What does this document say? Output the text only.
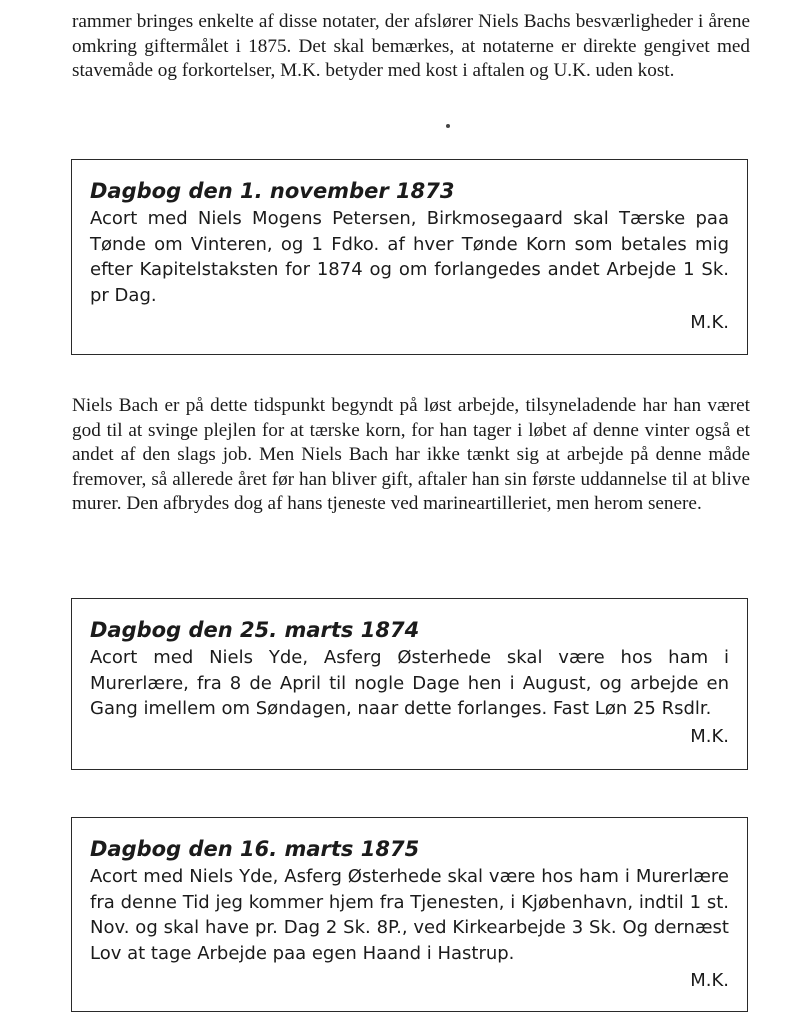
rammer bringes enkelte af disse notater, der afslører Niels Bachs besværligheder i årene omkring giftermålet i 1875. Det skal bemærkes, at notaterne er direkte gengivet med stavemåde og forkortelser, M.K. betyder med kost i aftalen og U.K. uden kost.

Dagbog den 1. november 1873

Acort med Niels Mogens Petersen, Birkmosegaard skal Tærske paa Tønde om Vinteren, og 1 Fdko. af hver Tønde Korn som betales mig efter Kapitelstaksten for 1874 og om forlangedes andet Arbejde 1 Sk. pr Dag.

M.K.

Niels Bach er på dette tidspunkt begyndt på løst arbejde, tilsyneladende har han været god til at svinge plejlen for at tærske korn, for han tager i løbet af denne vinter også et andet af den slags job. Men Niels Bach har ikke tænkt sig at arbejde på denne måde fremover, så allerede året før han bliver gift, aftaler han sin første uddannelse til at blive murer. Den afbrydes dog af hans tjeneste ved marineartilleriet, men herom senere.

Dagbog den 25. marts 1874

Acort med Niels Yde, Asferg Østerhede skal være hos ham i Murerlære, fra 8 de April til nogle Dage hen i August, og arbejde en Gang imellem om Søndagen, naar dette forlanges. Fast Løn 25 Rsdlr.

M.K.

Dagbog den 16. marts 1875

Acort med Niels Yde, Asferg Østerhede skal være hos ham i Murerlære fra denne Tid jeg kommer hjem fra Tjenesten, i Kjøbenhavn, indtil 1 st. Nov. og skal have pr. Dag 2 Sk. 8P., ved Kirkearbejde 3 Sk. Og dernæst Lov at tage Arbejde paa egen Haand i Hastrup.

M.K.
